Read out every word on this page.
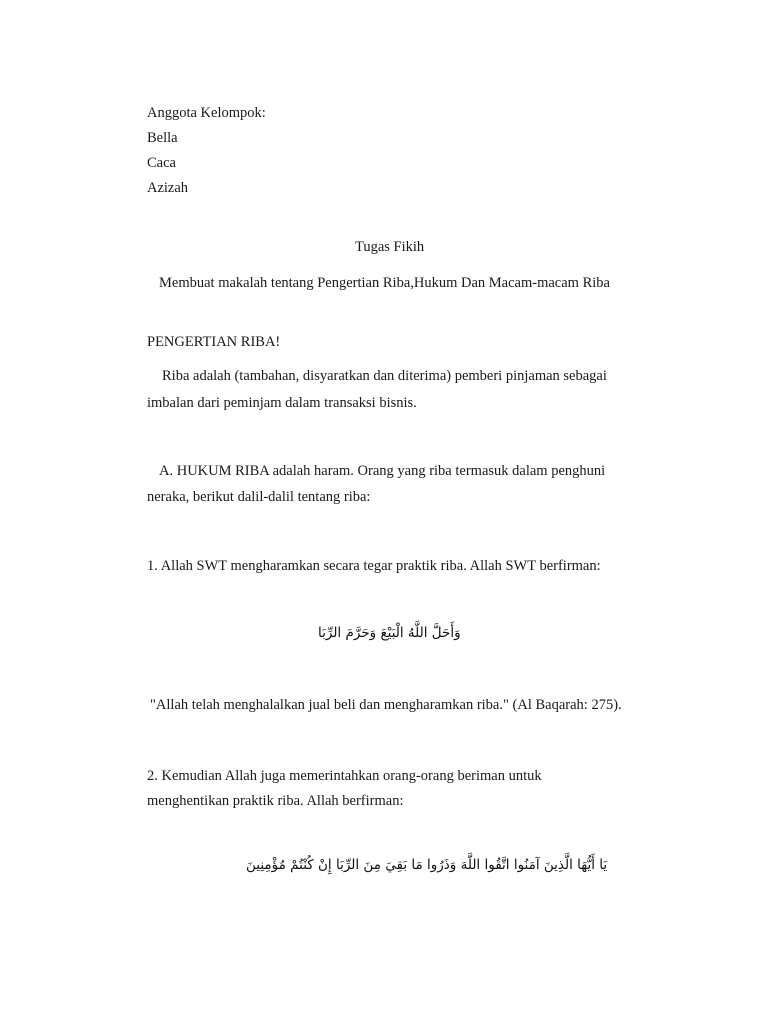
Anggota Kelompok:
Bella
Caca
Azizah
Tugas Fikih
Membuat makalah tentang Pengertian Riba,Hukum Dan Macam-macam Riba
PENGERTIAN RIBA!
Riba adalah (tambahan, disyaratkan dan diterima) pemberi pinjaman sebagai
imbalan dari peminjam dalam transaksi bisnis.
A. HUKUM RIBA adalah haram. Orang yang riba termasuk dalam penghuni
neraka, berikut dalil-dalil tentang riba:
1. Allah SWT mengharamkan secara tegar praktik riba. Allah SWT berfirman:
وَأَحَلَّ اللَّهُ الْبَيْعَ وَحَرَّمَ الرِّبَا
"Allah telah menghalalkan jual beli dan mengharamkan riba." (Al Baqarah: 275).
2. Kemudian Allah juga memerintahkan orang-orang beriman untuk
menghentikan praktik riba. Allah berfirman:
يَا أَيُّهَا الَّذِينَ آمَنُوا اتَّقُوا اللَّهَ وَذَرُوا مَا بَقِيَ مِنَ الرِّبَا إِنْ كُنْتُمْ مُؤْمِنِينَ
